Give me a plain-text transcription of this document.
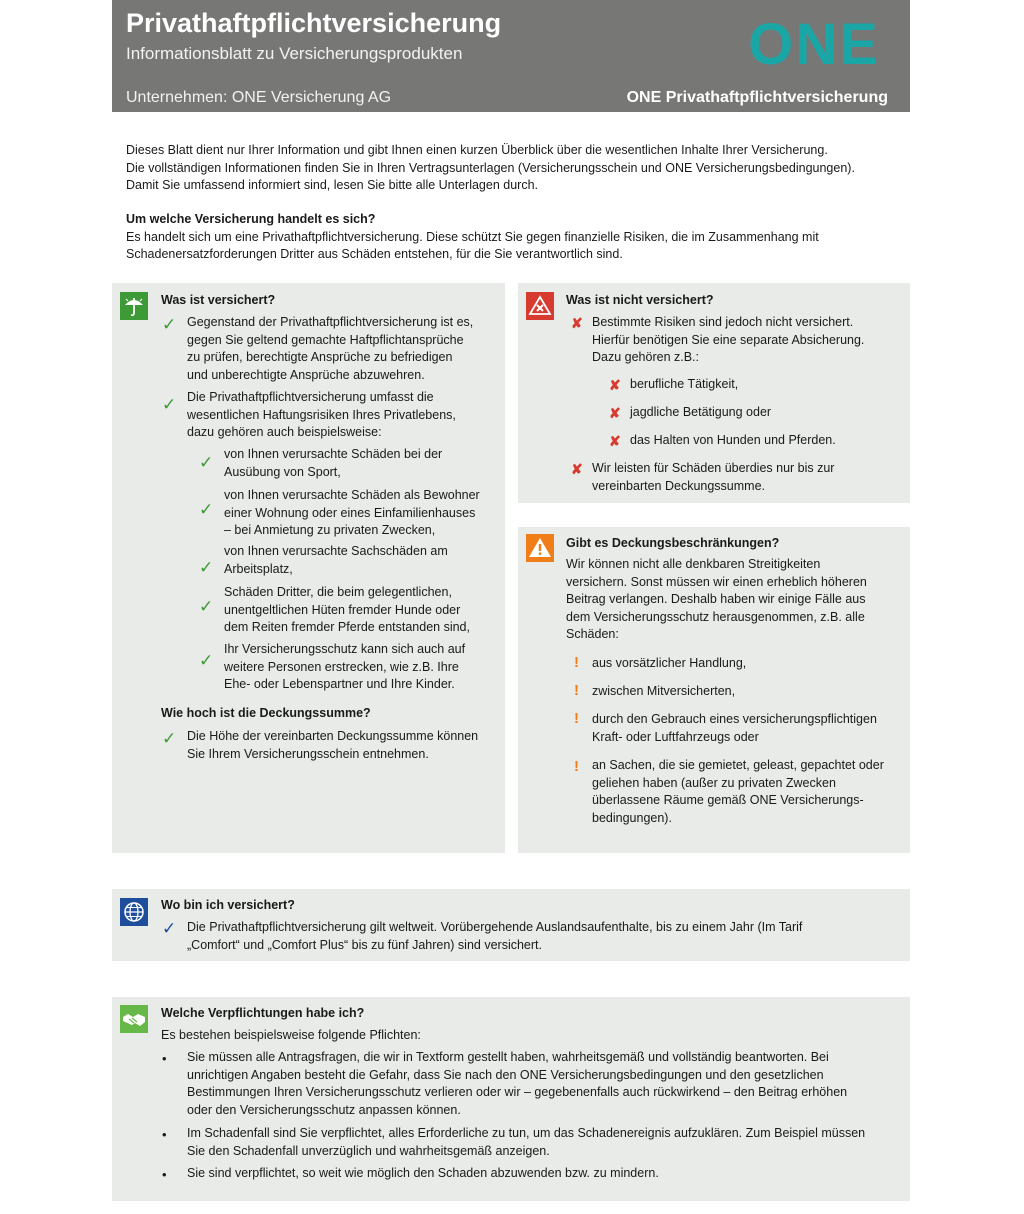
Privathaftpflichtversicherung
Informationsblatt zu Versicherungsprodukten
Unternehmen: ONE Versicherung AG	ONE Privathaftpflichtversicherung
ONE
Dieses Blatt dient nur Ihrer Information und gibt Ihnen einen kurzen Überblick über die wesentlichen Inhalte Ihrer Versicherung.
Die vollständigen Informationen finden Sie in Ihren Vertragsunterlagen (Versicherungsschein und ONE Versicherungsbedingungen).
Damit Sie umfassend informiert sind, lesen Sie bitte alle Unterlagen durch.
Um welche Versicherung handelt es sich?
Es handelt sich um eine Privathaftpflichtversicherung. Diese schützt Sie gegen finanzielle Risiken, die im Zusammenhang mit
Schadenersatzforderungen Dritter aus Schäden entstehen, für die Sie verantwortlich sind.
Was ist versichert?
✓ Gegenstand der Privathaftpflichtversicherung ist es,
gegen Sie geltend gemachte Haftpflichtansprüche
zu prüfen, berechtigte Ansprüche zu befriedigen
und unberechtigte Ansprüche abzuwehren.
✓ Die Privathaftpflichtversicherung umfasst die
wesentlichen Haftungsrisiken Ihres Privatlebens,
dazu gehören auch beispielsweise:
✓ von Ihnen verursachte Schäden bei der
Ausübung von Sport,
✓
von Ihnen verursachte Schäden als Bewohner
einer Wohnung oder eines Einfamilienhauses
– bei Anmietung zu privaten Zwecken,
✓
von Ihnen verursachte Sachschäden am
Arbeitsplatz,
✓
Schäden Dritter, die beim gelegentlichen,
unentgeltlichen Hüten fremder Hunde oder
dem Reiten fremder Pferde entstanden sind,
✓
Ihr Versicherungsschutz kann sich auch auf
weitere Personen erstrecken, wie z.B. Ihre
Ehe- oder Lebenspartner und Ihre Kinder.
Wie hoch ist die Deckungssumme?
✓ Die Höhe der vereinbarten Deckungssumme können
Sie Ihrem Versicherungsschein entnehmen.
Was ist nicht versichert?
✘ Bestimmte Risiken sind jedoch nicht versichert.
Hierfür benötigen Sie eine separate Absicherung.
Dazu gehören z.B.:
✘ berufliche Tätigkeit,
✘ jagdliche Betätigung oder
✘ das Halten von Hunden und Pferden.
✘ Wir leisten für Schäden überdies nur bis zur
vereinbarten Deckungssumme.
Gibt es Deckungsbeschränkungen?
Wir können nicht alle denkbaren Streitigkeiten
versichern. Sonst müssen wir einen erheblich höheren
Beitrag verlangen. Deshalb haben wir einige Fälle aus
dem Versicherungsschutz herausgenommen, z.B. alle
Schäden:
! aus vorsätzlicher Handlung,
! zwischen Mitversicherten,
! durch den Gebrauch eines versicherungspflichtigen
Kraft- oder Luftfahrzeugs oder
! an Sachen, die sie gemietet, geleast, gepachtet oder
geliehen haben (außer zu privaten Zwecken
überlassene Räume gemäß ONE Versicherungs-
bedingungen).
Wo bin ich versichert?
✓ Die Privathaftpflichtversicherung gilt weltweit. Vorübergehende Auslandsaufenthalte, bis zu einem Jahr (Im Tarif
„Comfort“ und „Comfort Plus“ bis zu fünf Jahren) sind versichert.
Welche Verpflichtungen habe ich?
Es bestehen beispielsweise folgende Pflichten:
• Sie müssen alle Antragsfragen, die wir in Textform gestellt haben, wahrheitsgemäß und vollständig beantworten. Bei
unrichtigen Angaben besteht die Gefahr, dass Sie nach den ONE Versicherungsbedingungen und den gesetzlichen
Bestimmungen Ihren Versicherungsschutz verlieren oder wir – gegebenenfalls auch rückwirkend – den Beitrag erhöhen
oder den Versicherungsschutz anpassen können.
• Im Schadenfall sind Sie verpflichtet, alles Erforderliche zu tun, um das Schadenereignis aufzuklären. Zum Beispiel müssen
Sie den Schadenfall unverzüglich und wahrheitsgemäß anzeigen.
• Sie sind verpflichtet, so weit wie möglich den Schaden abzuwenden bzw. zu mindern.
